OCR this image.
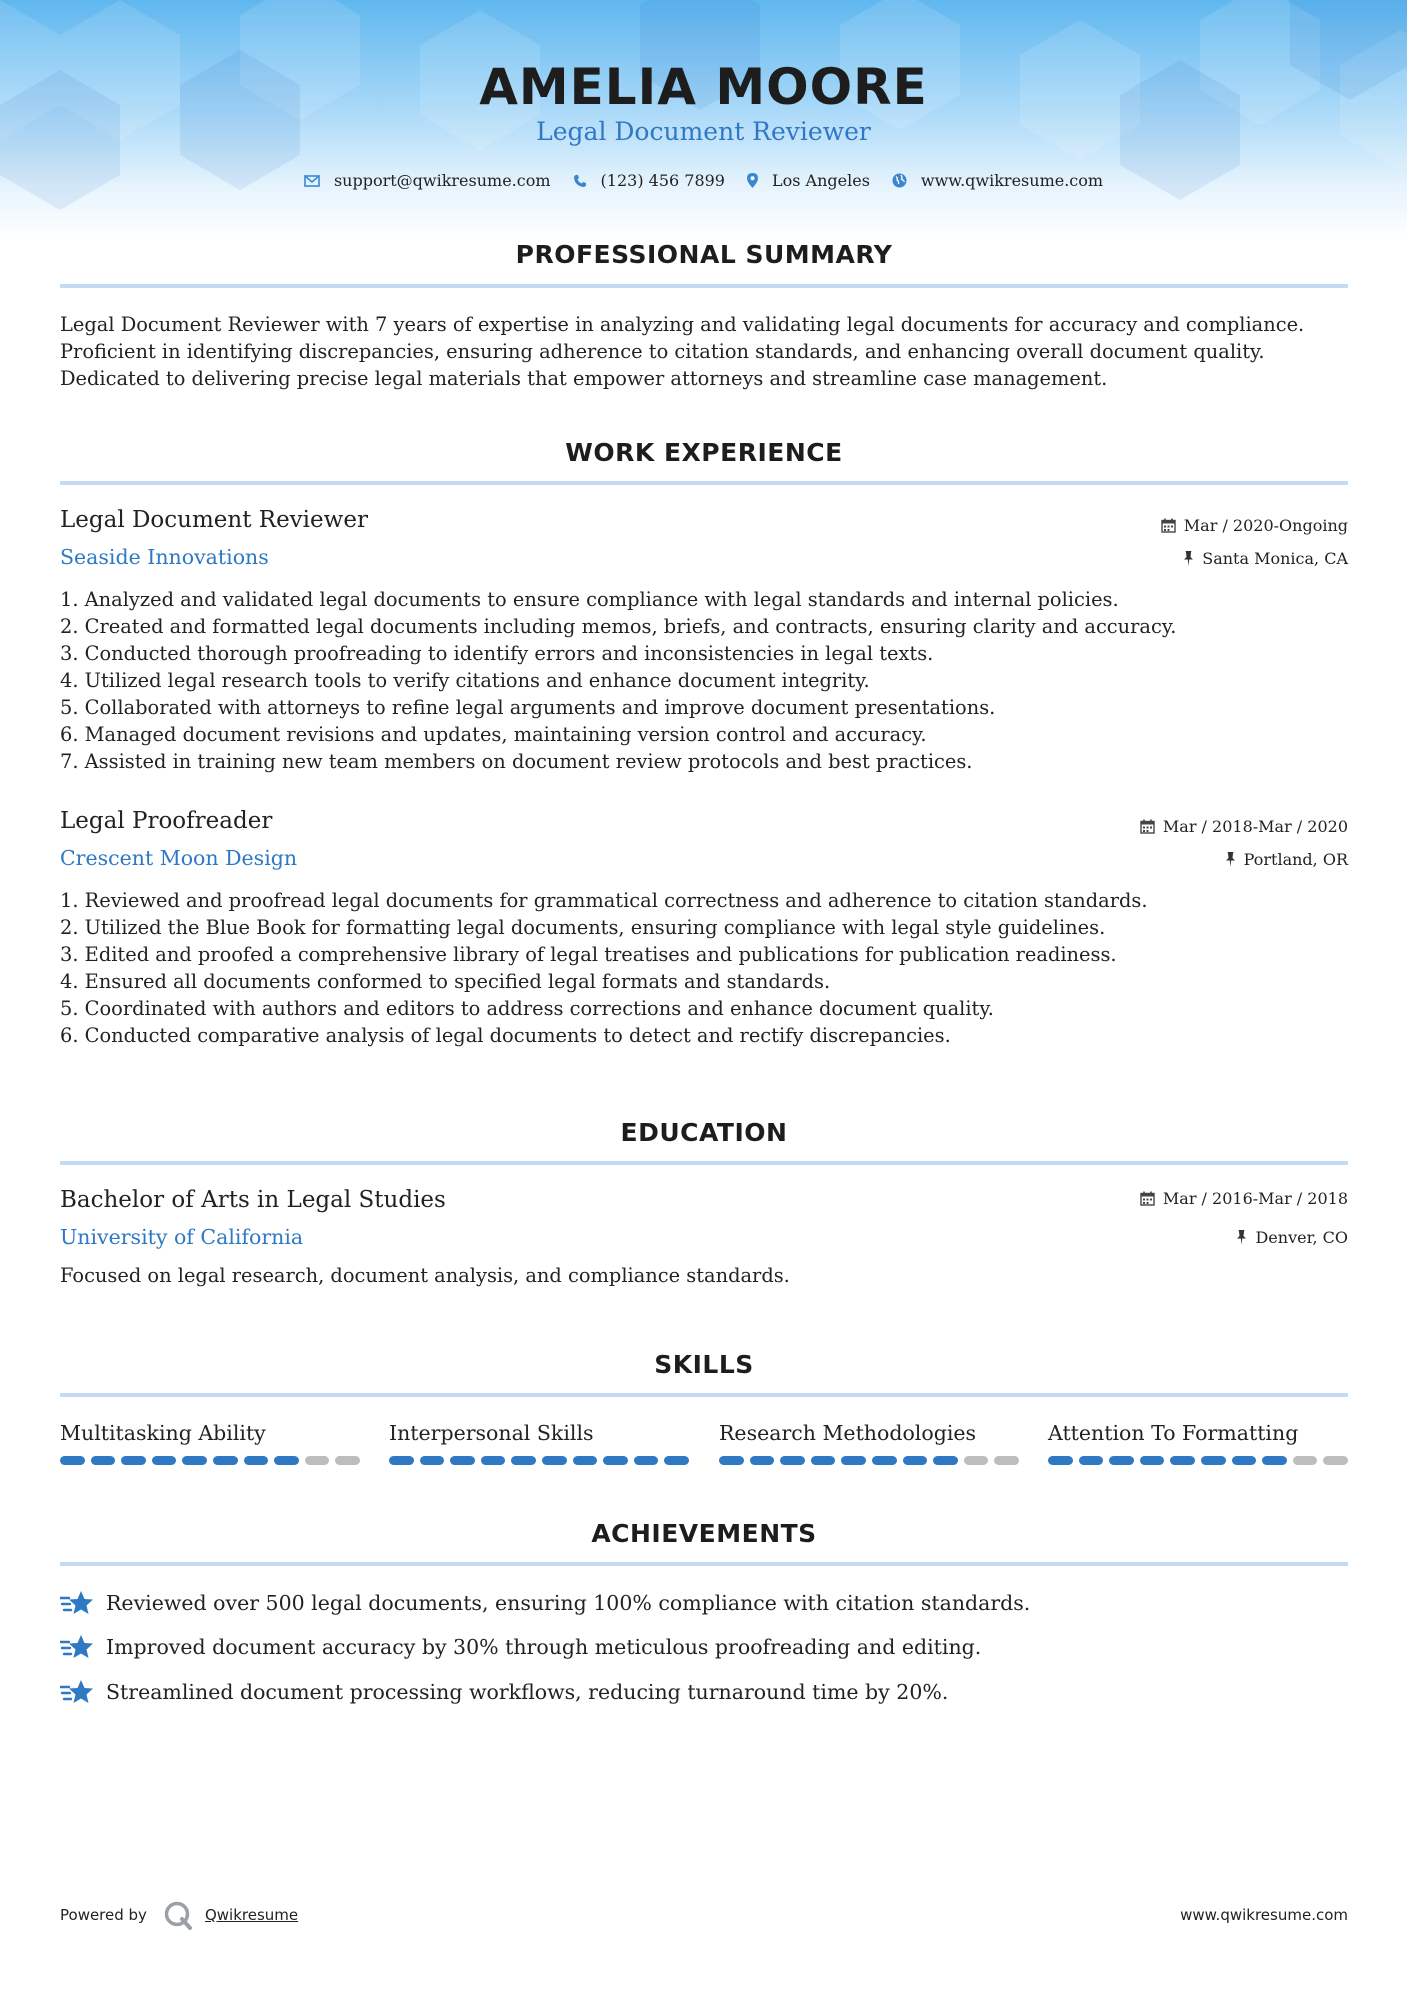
AMELIA MOORE
Legal Document Reviewer
support@qwikresume.com	(123) 456 7899	Los Angeles	www.qwikresume.com
PROFESSIONAL SUMMARY
Legal Document Reviewer with 7 years of expertise in analyzing and validating legal documents for accuracy and compliance.
Proficient in identifying discrepancies, ensuring adherence to citation standards, and enhancing overall document quality.
Dedicated to delivering precise legal materials that empower attorneys and streamline case management.
WORK EXPERIENCE
Legal Document Reviewer	Mar / 2020-Ongoing
Seaside Innovations	Santa Monica, CA
1. Analyzed and validated legal documents to ensure compliance with legal standards and internal policies.
2. Created and formatted legal documents including memos, briefs, and contracts, ensuring clarity and accuracy.
3. Conducted thorough proofreading to identify errors and inconsistencies in legal texts.
4. Utilized legal research tools to verify citations and enhance document integrity.
5. Collaborated with attorneys to refine legal arguments and improve document presentations.
6. Managed document revisions and updates, maintaining version control and accuracy.
7. Assisted in training new team members on document review protocols and best practices.
Legal Proofreader	Mar / 2018-Mar / 2020
Crescent Moon Design	Portland, OR
1. Reviewed and proofread legal documents for grammatical correctness and adherence to citation standards.
2. Utilized the Blue Book for formatting legal documents, ensuring compliance with legal style guidelines.
3. Edited and proofed a comprehensive library of legal treatises and publications for publication readiness.
4. Ensured all documents conformed to specified legal formats and standards.
5. Coordinated with authors and editors to address corrections and enhance document quality.
6. Conducted comparative analysis of legal documents to detect and rectify discrepancies.
EDUCATION
Bachelor of Arts in Legal Studies	Mar / 2016-Mar / 2018
University of California	Denver, CO
Focused on legal research, document analysis, and compliance standards.
SKILLS
Multitasking Ability	Interpersonal Skills	Research Methodologies	Attention To Formatting
ACHIEVEMENTS
Reviewed over 500 legal documents, ensuring 100% compliance with citation standards.
Improved document accuracy by 30% through meticulous proofreading and editing.
Streamlined document processing workflows, reducing turnaround time by 20%.
Powered by	Qwikresume	www.qwikresume.com
